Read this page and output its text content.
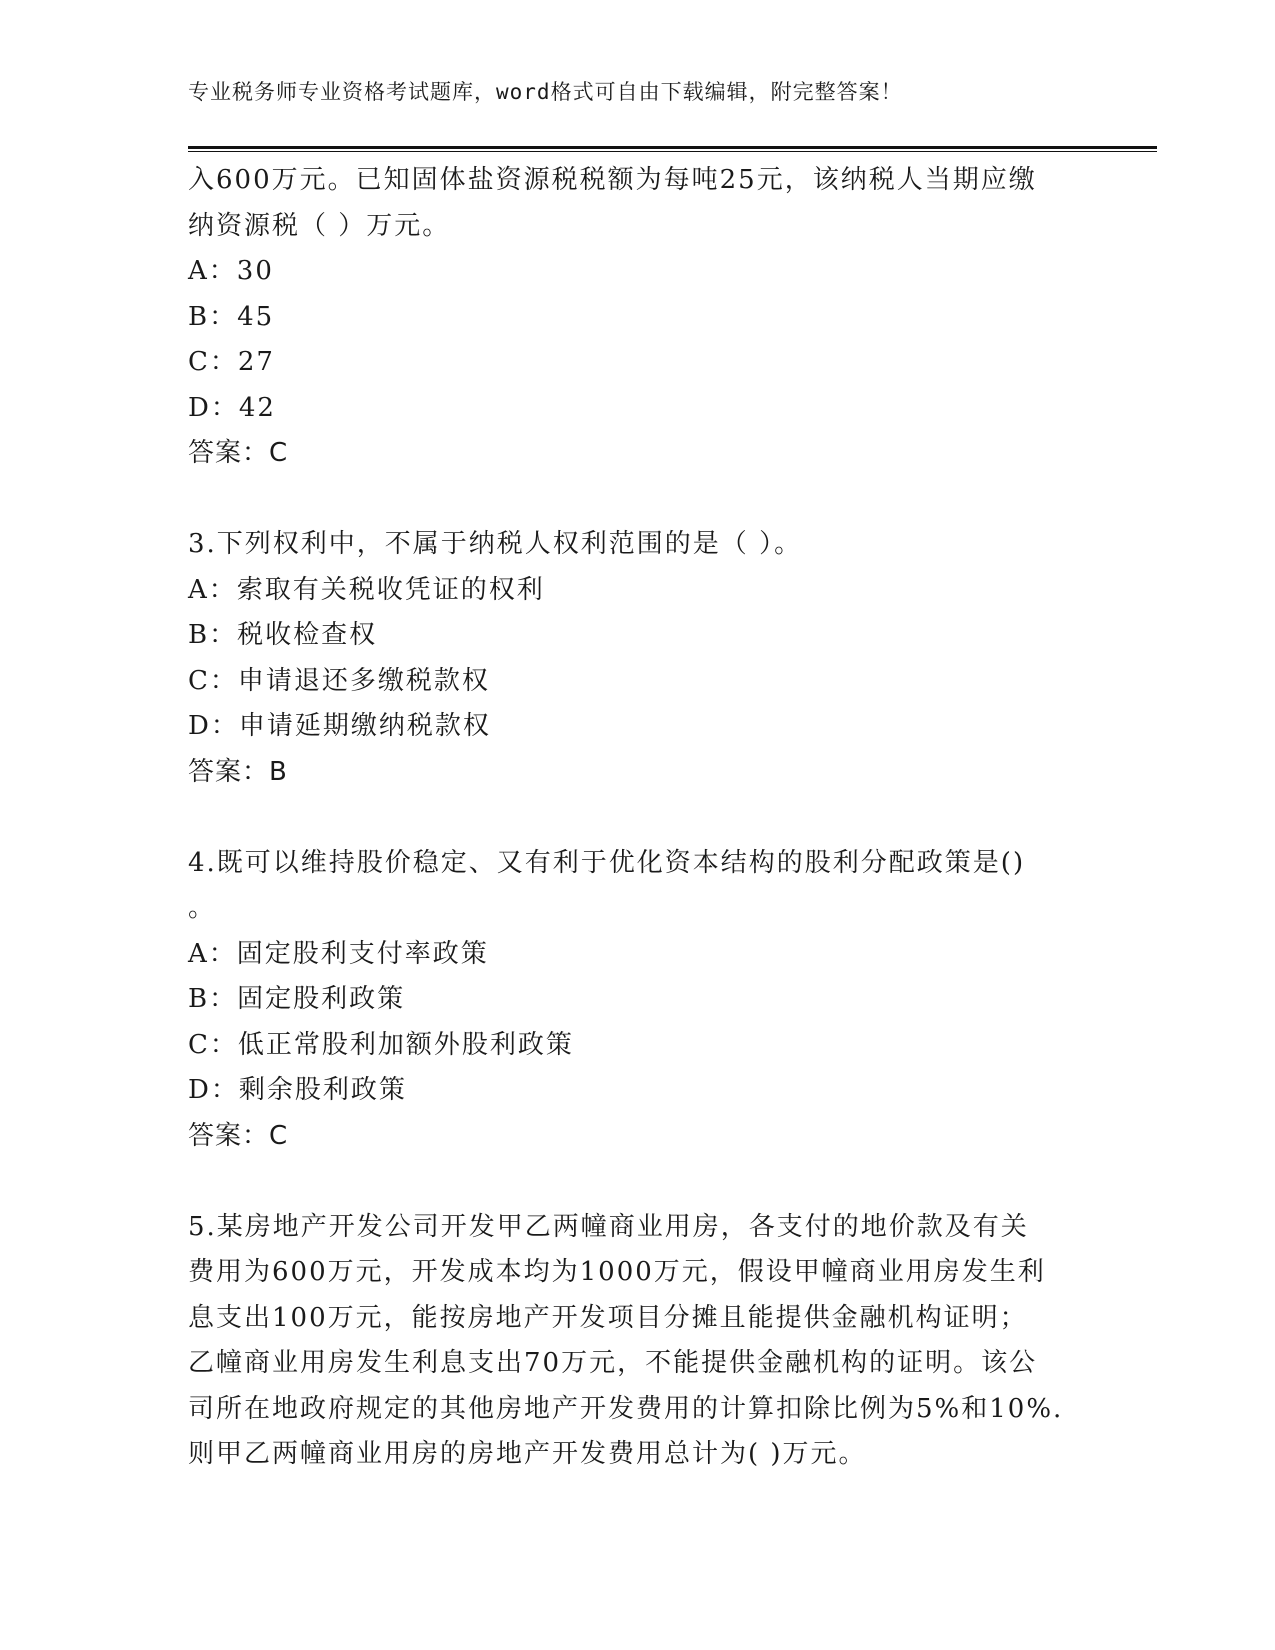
专业税务师专业资格考试题库，word格式可自由下载编辑，附完整答案！
入600万元。已知固体盐资源税税额为每吨25元，该纳税人当期应缴
纳资源税（ ）万元。
A：30
B：45
C：27
D：42
答案：C
3.下列权利中，不属于纳税人权利范围的是（ ）。
A：索取有关税收凭证的权利
B：税收检查权
C：申请退还多缴税款权
D：申请延期缴纳税款权
答案：B
4.既可以维持股价稳定、又有利于优化资本结构的股利分配政策是()
。
A：固定股利支付率政策
B：固定股利政策
C：低正常股利加额外股利政策
D：剩余股利政策
答案：C
5.某房地产开发公司开发甲乙两幢商业用房，各支付的地价款及有关
费用为600万元，开发成本均为1000万元，假设甲幢商业用房发生利
息支出100万元，能按房地产开发项目分摊且能提供金融机构证明；
乙幢商业用房发生利息支出70万元，不能提供金融机构的证明。该公
司所在地政府规定的其他房地产开发费用的计算扣除比例为5%和10%.
则甲乙两幢商业用房的房地产开发费用总计为( )万元。
